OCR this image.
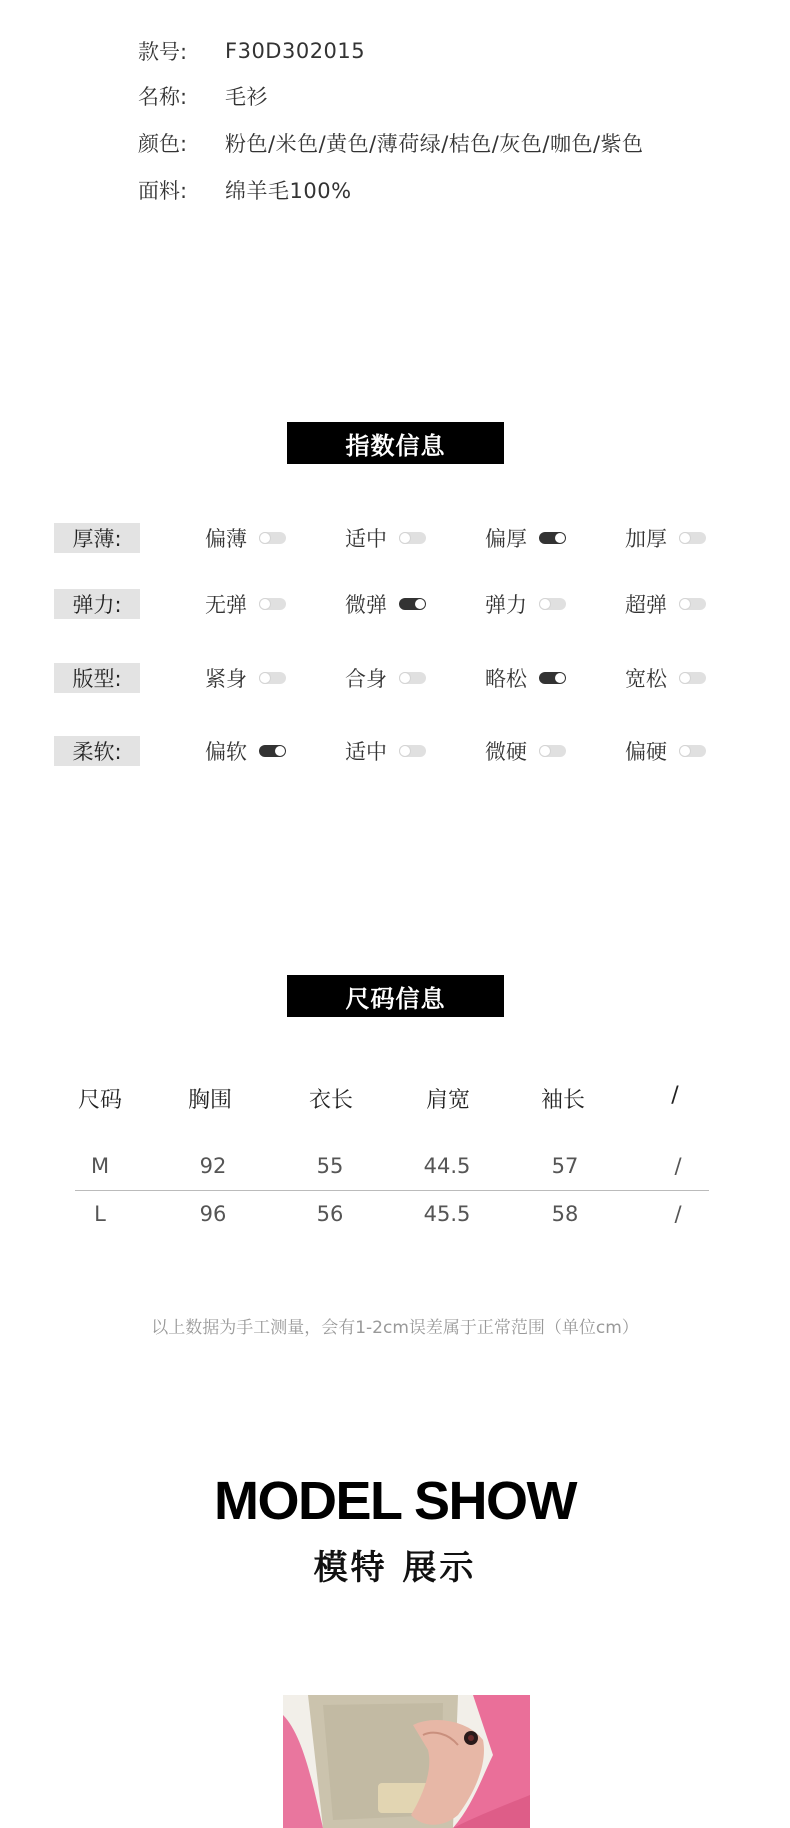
款号:	F30D302015
名称:	毛衫
颜色:	粉色/米色/黄色/薄荷绿/桔色/灰色/咖色/紫色
面料:	绵羊毛100%
指数信息
厚薄:	偏薄	适中	偏厚	加厚
弹力:	无弹	微弹	弹力	超弹
版型:	紧身	合身	略松	宽松
柔软:	偏软	适中	微硬	偏硬
尺码信息
尺码	胸围	衣长	肩宽	袖长	/
M	92	55	44.5	57	/
L	96	56	45.5	58	/
以上数据为手工测量，会有1-2cm误差属于正常范围（单位cm）
MODEL SHOW
模特 展示
